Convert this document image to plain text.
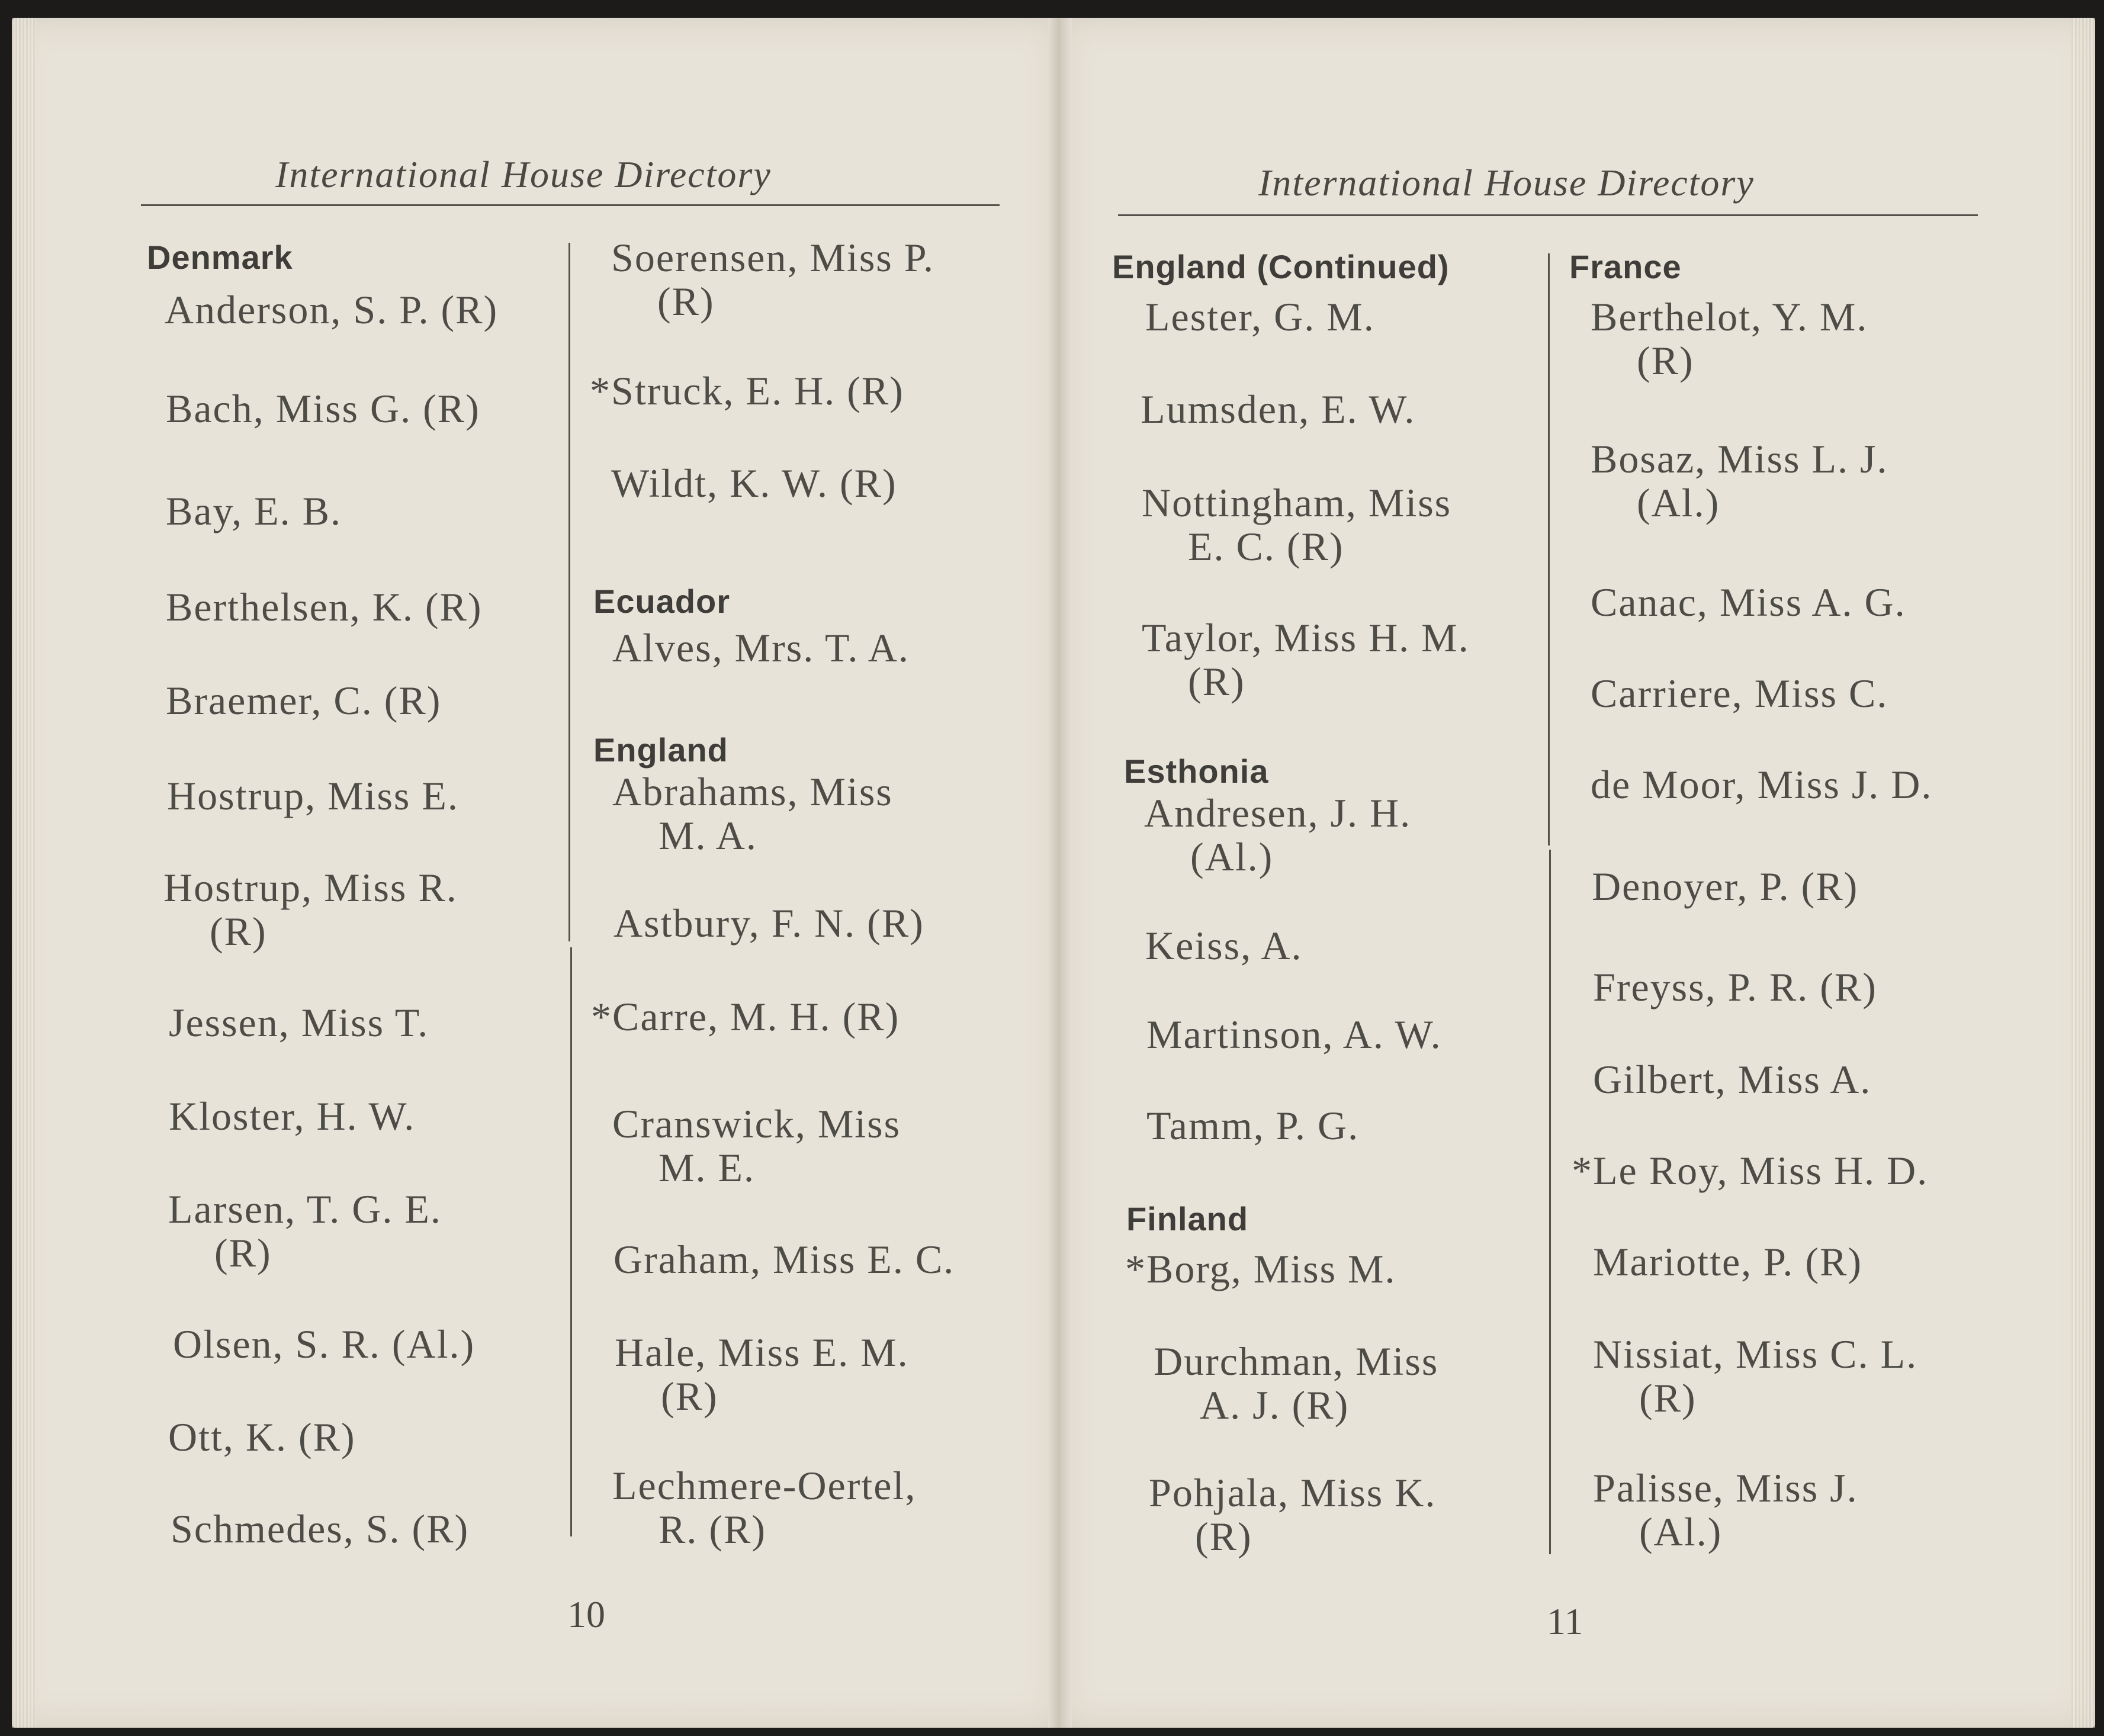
International House Directory
Denmark
Anderson, S. P. (R)
Bach, Miss G. (R)
Bay, E. B.
Berthelsen, K. (R)
Braemer, C. (R)
Hostrup, Miss E.
Hostrup, Miss R.
(R)
Jessen, Miss T.
Kloster, H. W.
Larsen, T. G. E.
(R)
Olsen, S. R. (Al.)
Ott, K. (R)
Schmedes, S. (R)
Soerensen, Miss P.
(R)
*Struck, E. H. (R)
Wildt, K. W. (R)
Ecuador
Alves, Mrs. T. A.
England
Abrahams, Miss
M. A.
Astbury, F. N. (R)
*Carre, M. H. (R)
Cranswick, Miss
M. E.
Graham, Miss E. C.
Hale, Miss E. M.
(R)
Lechmere-Oertel,
R. (R)
10
International House Directory
England (Continued)
Lester, G. M.
Lumsden, E. W.
Nottingham, Miss
E. C. (R)
Taylor, Miss H. M.
(R)
Esthonia
Andresen, J. H.
(Al.)
Keiss, A.
Martinson, A. W.
Tamm, P. G.
Finland
*Borg, Miss M.
Durchman, Miss
A. J. (R)
Pohjala, Miss K.
(R)
France
Berthelot, Y. M.
(R)
Bosaz, Miss L. J.
(Al.)
Canac, Miss A. G.
Carriere, Miss C.
de Moor, Miss J. D.
Denoyer, P. (R)
Freyss, P. R. (R)
Gilbert, Miss A.
*Le Roy, Miss H. D.
Mariotte, P. (R)
Nissiat, Miss C. L.
(R)
Palisse, Miss J.
(Al.)
11
